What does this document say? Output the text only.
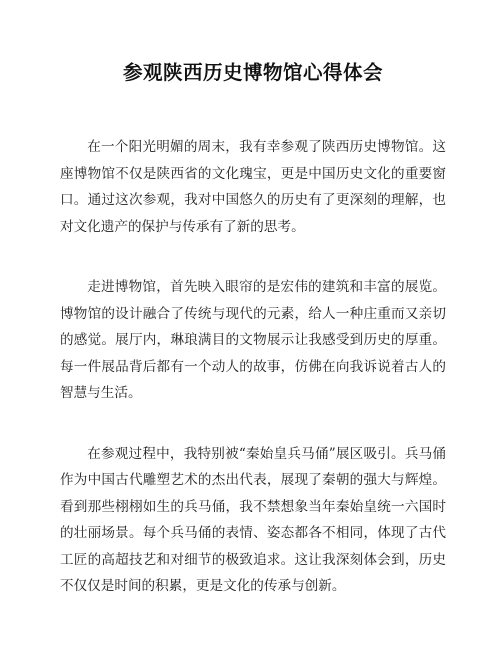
参观陕西历史博物馆心得体会

在一个阳光明媚的周末，我有幸参观了陕西历史博物馆。这座博物馆不仅是陕西省的文化瑰宝，更是中国历史文化的重要窗口。通过这次参观，我对中国悠久的历史有了更深刻的理解，也对文化遗产的保护与传承有了新的思考。

走进博物馆，首先映入眼帘的是宏伟的建筑和丰富的展览。博物馆的设计融合了传统与现代的元素，给人一种庄重而又亲切的感觉。展厅内，琳琅满目的文物展示让我感受到历史的厚重。每一件展品背后都有一个动人的故事，仿佛在向我诉说着古人的智慧与生活。

在参观过程中，我特别被“秦始皇兵马俑”展区吸引。兵马俑作为中国古代雕塑艺术的杰出代表，展现了秦朝的强大与辉煌。看到那些栩栩如生的兵马俑，我不禁想象当年秦始皇统一六国时的壮丽场景。每个兵马俑的表情、姿态都各不相同，体现了古代工匠的高超技艺和对细节的极致追求。这让我深刻体会到，历史不仅仅是时间的积累，更是文化的传承与创新。
